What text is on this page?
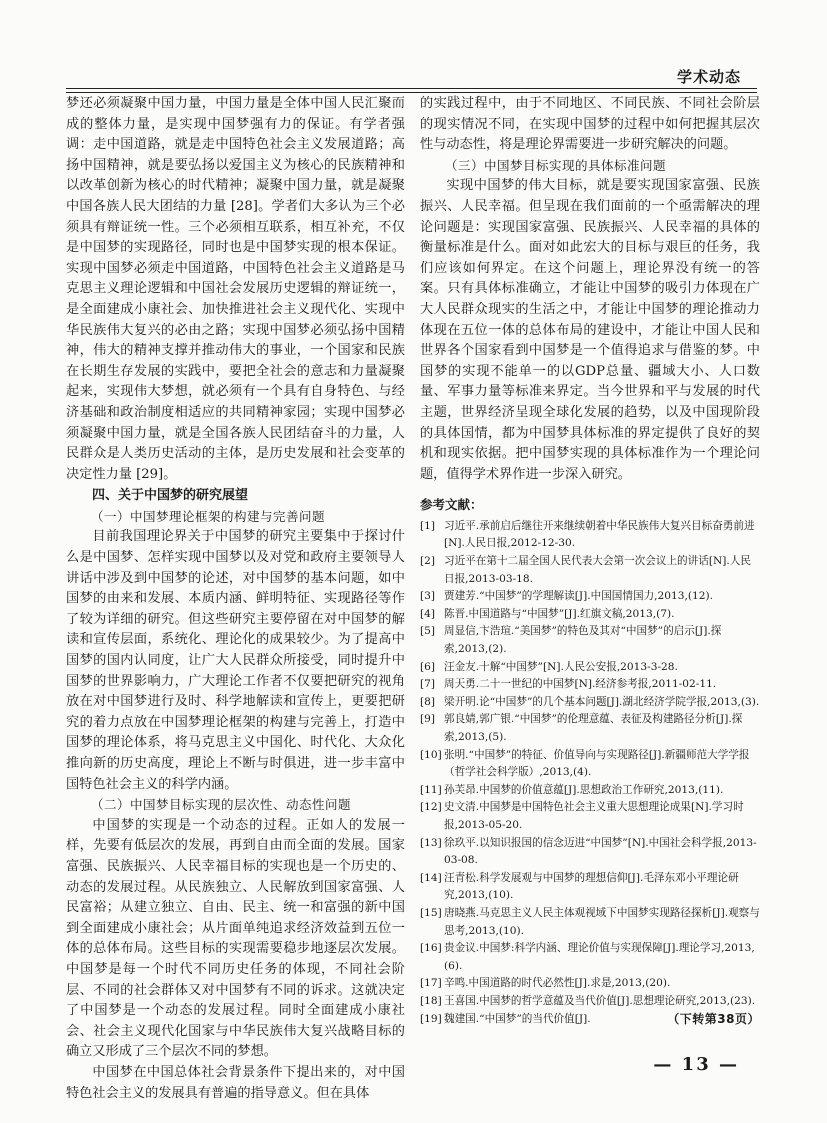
学术动态

梦还必须凝聚中国力量，中国力量是全体中国人民汇聚而成的整体力量，是实现中国梦强有力的保证。有学者强调：走中国道路，就是走中国特色社会主义发展道路；高扬中国精神，就是要弘扬以爱国主义为核心的民族精神和以改革创新为核心的时代精神；凝聚中国力量，就是凝聚中国各族人民大团结的力量 [28]。学者们大多认为三个必须具有辩证统一性。三个必须相互联系，相互补充，不仅是中国梦的实现路径，同时也是中国梦实现的根本保证。实现中国梦必须走中国道路，中国特色社会主义道路是马克思主义理论逻辑和中国社会发展历史逻辑的辩证统一，是全面建成小康社会、加快推进社会主义现代化、实现中华民族伟大复兴的必由之路；实现中国梦必须弘扬中国精神，伟大的精神支撑并推动伟大的事业，一个国家和民族在长期生存发展的实践中，要把全社会的意志和力量凝聚起来，实现伟大梦想，就必须有一个具有自身特色、与经济基础和政治制度相适应的共同精神家园；实现中国梦必须凝聚中国力量，就是全国各族人民团结奋斗的力量，人民群众是人类历史活动的主体，是历史发展和社会变革的决定性力量 [29]。

四、关于中国梦的研究展望
（一）中国梦理论框架的构建与完善问题

目前我国理论界关于中国梦的研究主要集中于探讨什么是中国梦、怎样实现中国梦以及对党和政府主要领导人讲话中涉及到中国梦的论述，对中国梦的基本问题，如中国梦的由来和发展、本质内涵、鲜明特征、实现路径等作了较为详细的研究。但这些研究主要停留在对中国梦的解读和宣传层面，系统化、理论化的成果较少。为了提高中国梦的国内认同度，让广大人民群众所接受，同时提升中国梦的世界影响力，广大理论工作者不仅要把研究的视角放在对中国梦进行及时、科学地解读和宣传上，更要把研究的着力点放在中国梦理论框架的构建与完善上，打造中国梦的理论体系，将马克思主义中国化、时代化、大众化推向新的历史高度，理论上不断与时俱进，进一步丰富中国特色社会主义的科学内涵。

（二）中国梦目标实现的层次性、动态性问题

中国梦的实现是一个动态的过程。正如人的发展一样，先要有低层次的发展，再到自由而全面的发展。国家富强、民族振兴、人民幸福目标的实现也是一个历史的、动态的发展过程。从民族独立、人民解放到国家富强、人民富裕；从建立独立、自由、民主、统一和富强的新中国到全面建成小康社会；从片面单纯追求经济效益到五位一体的总体布局。这些目标的实现需要稳步地逐层次发展。中国梦是每一个时代不同历史任务的体现，不同社会阶层、不同的社会群体又对中国梦有不同的诉求。这就决定了中国梦是一个动态的发展过程。同时全面建成小康社会、社会主义现代化国家与中华民族伟大复兴战略目标的确立又形成了三个层次不同的梦想。

中国梦在中国总体社会背景条件下提出来的，对中国特色社会主义的发展具有普遍的指导意义。但在具体

的实践过程中，由于不同地区、不同民族、不同社会阶层的现实情况不同，在实现中国梦的过程中如何把握其层次性与动态性，将是理论界需要进一步研究解决的问题。

（三）中国梦目标实现的具体标准问题

实现中国梦的伟大目标，就是要实现国家富强、民族振兴、人民幸福。但呈现在我们面前的一个亟需解决的理论问题是：实现国家富强、民族振兴、人民幸福的具体的衡量标准是什么。面对如此宏大的目标与艰巨的任务，我们应该如何界定。在这个问题上，理论界没有统一的答案。只有具体标准确立，才能让中国梦的吸引力体现在广大人民群众现实的生活之中，才能让中国梦的理论推动力体现在五位一体的总体布局的建设中，才能让中国人民和世界各个国家看到中国梦是一个值得追求与借鉴的梦。中国梦的实现不能单一的以GDP总量、疆域大小、人口数量、军事力量等标准来界定。当今世界和平与发展的时代主题，世界经济呈现全球化发展的趋势，以及中国现阶段的具体国情，都为中国梦具体标准的界定提供了良好的契机和现实依据。把中国梦实现的具体标准作为一个理论问题，值得学术界作进一步深入研究。

参考文献：
[1] 习近平.承前启后继往开来继续朝着中华民族伟大复兴目标奋勇前进[N].人民日报,2012-12-30.
[2] 习近平在第十二届全国人民代表大会第一次会议上的讲话[N].人民日报,2013-03-18.
[3] 贾建芳.“中国梦”的学理解读[J].中国国情国力,2013,(12).
[4] 陈晋.中国道路与“中国梦”[J].红旗文稿,2013,(7).
[5] 周显信,卞浩瑄.“美国梦”的特色及其对“中国梦”的启示[J].探索,2013,(2).
[6] 汪金友.十解“中国梦”[N].人民公安报,2013-3-28.
[7] 周天勇.二十一世纪的中国梦[N].经济参考报,2011-02-11.
[8] 梁开明.论“中国梦”的几个基本问题[J].湖北经济学院学报,2013,(3).
[9] 郭良婧,郭广银.“中国梦”的伦理意蕴、表征及构建路径分析[J].探索,2013,(5).
[10] 张明.“中国梦”的特征、价值导向与实现路径[J].新疆师范大学学报（哲学社会科学版）,2013,(4).
[11] 孙芙昂.中国梦的价值意蕴[J].思想政治工作研究,2013,(11).
[12] 史文清.中国梦是中国特色社会主义重大思想理论成果[N].学习时报,2013-05-20.
[13] 徐玖平.以知识报国的信念迈进“中国梦”[N].中国社会科学报,2013-03-08.
[14] 汪青松.科学发展观与中国梦的理想信仰[J].毛泽东邓小平理论研究,2013,(10).
[15] 唐晓燕.马克思主义人民主体观视域下中国梦实现路径探析[J].观察与思考,2013,(10).
[16] 贵金议.中国梦:科学内涵、理论价值与实现保障[J].理论学习,2013,(6).
[17] 辛鸣.中国道路的时代必然性[J].求是,2013,(20).
[18] 王喜国.中国梦的哲学意蕴及当代价值[J].思想理论研究,2013,(23).
[19] 魏建国.“中国梦”的当代价值[J].	（下转第38页）
— 13 —
